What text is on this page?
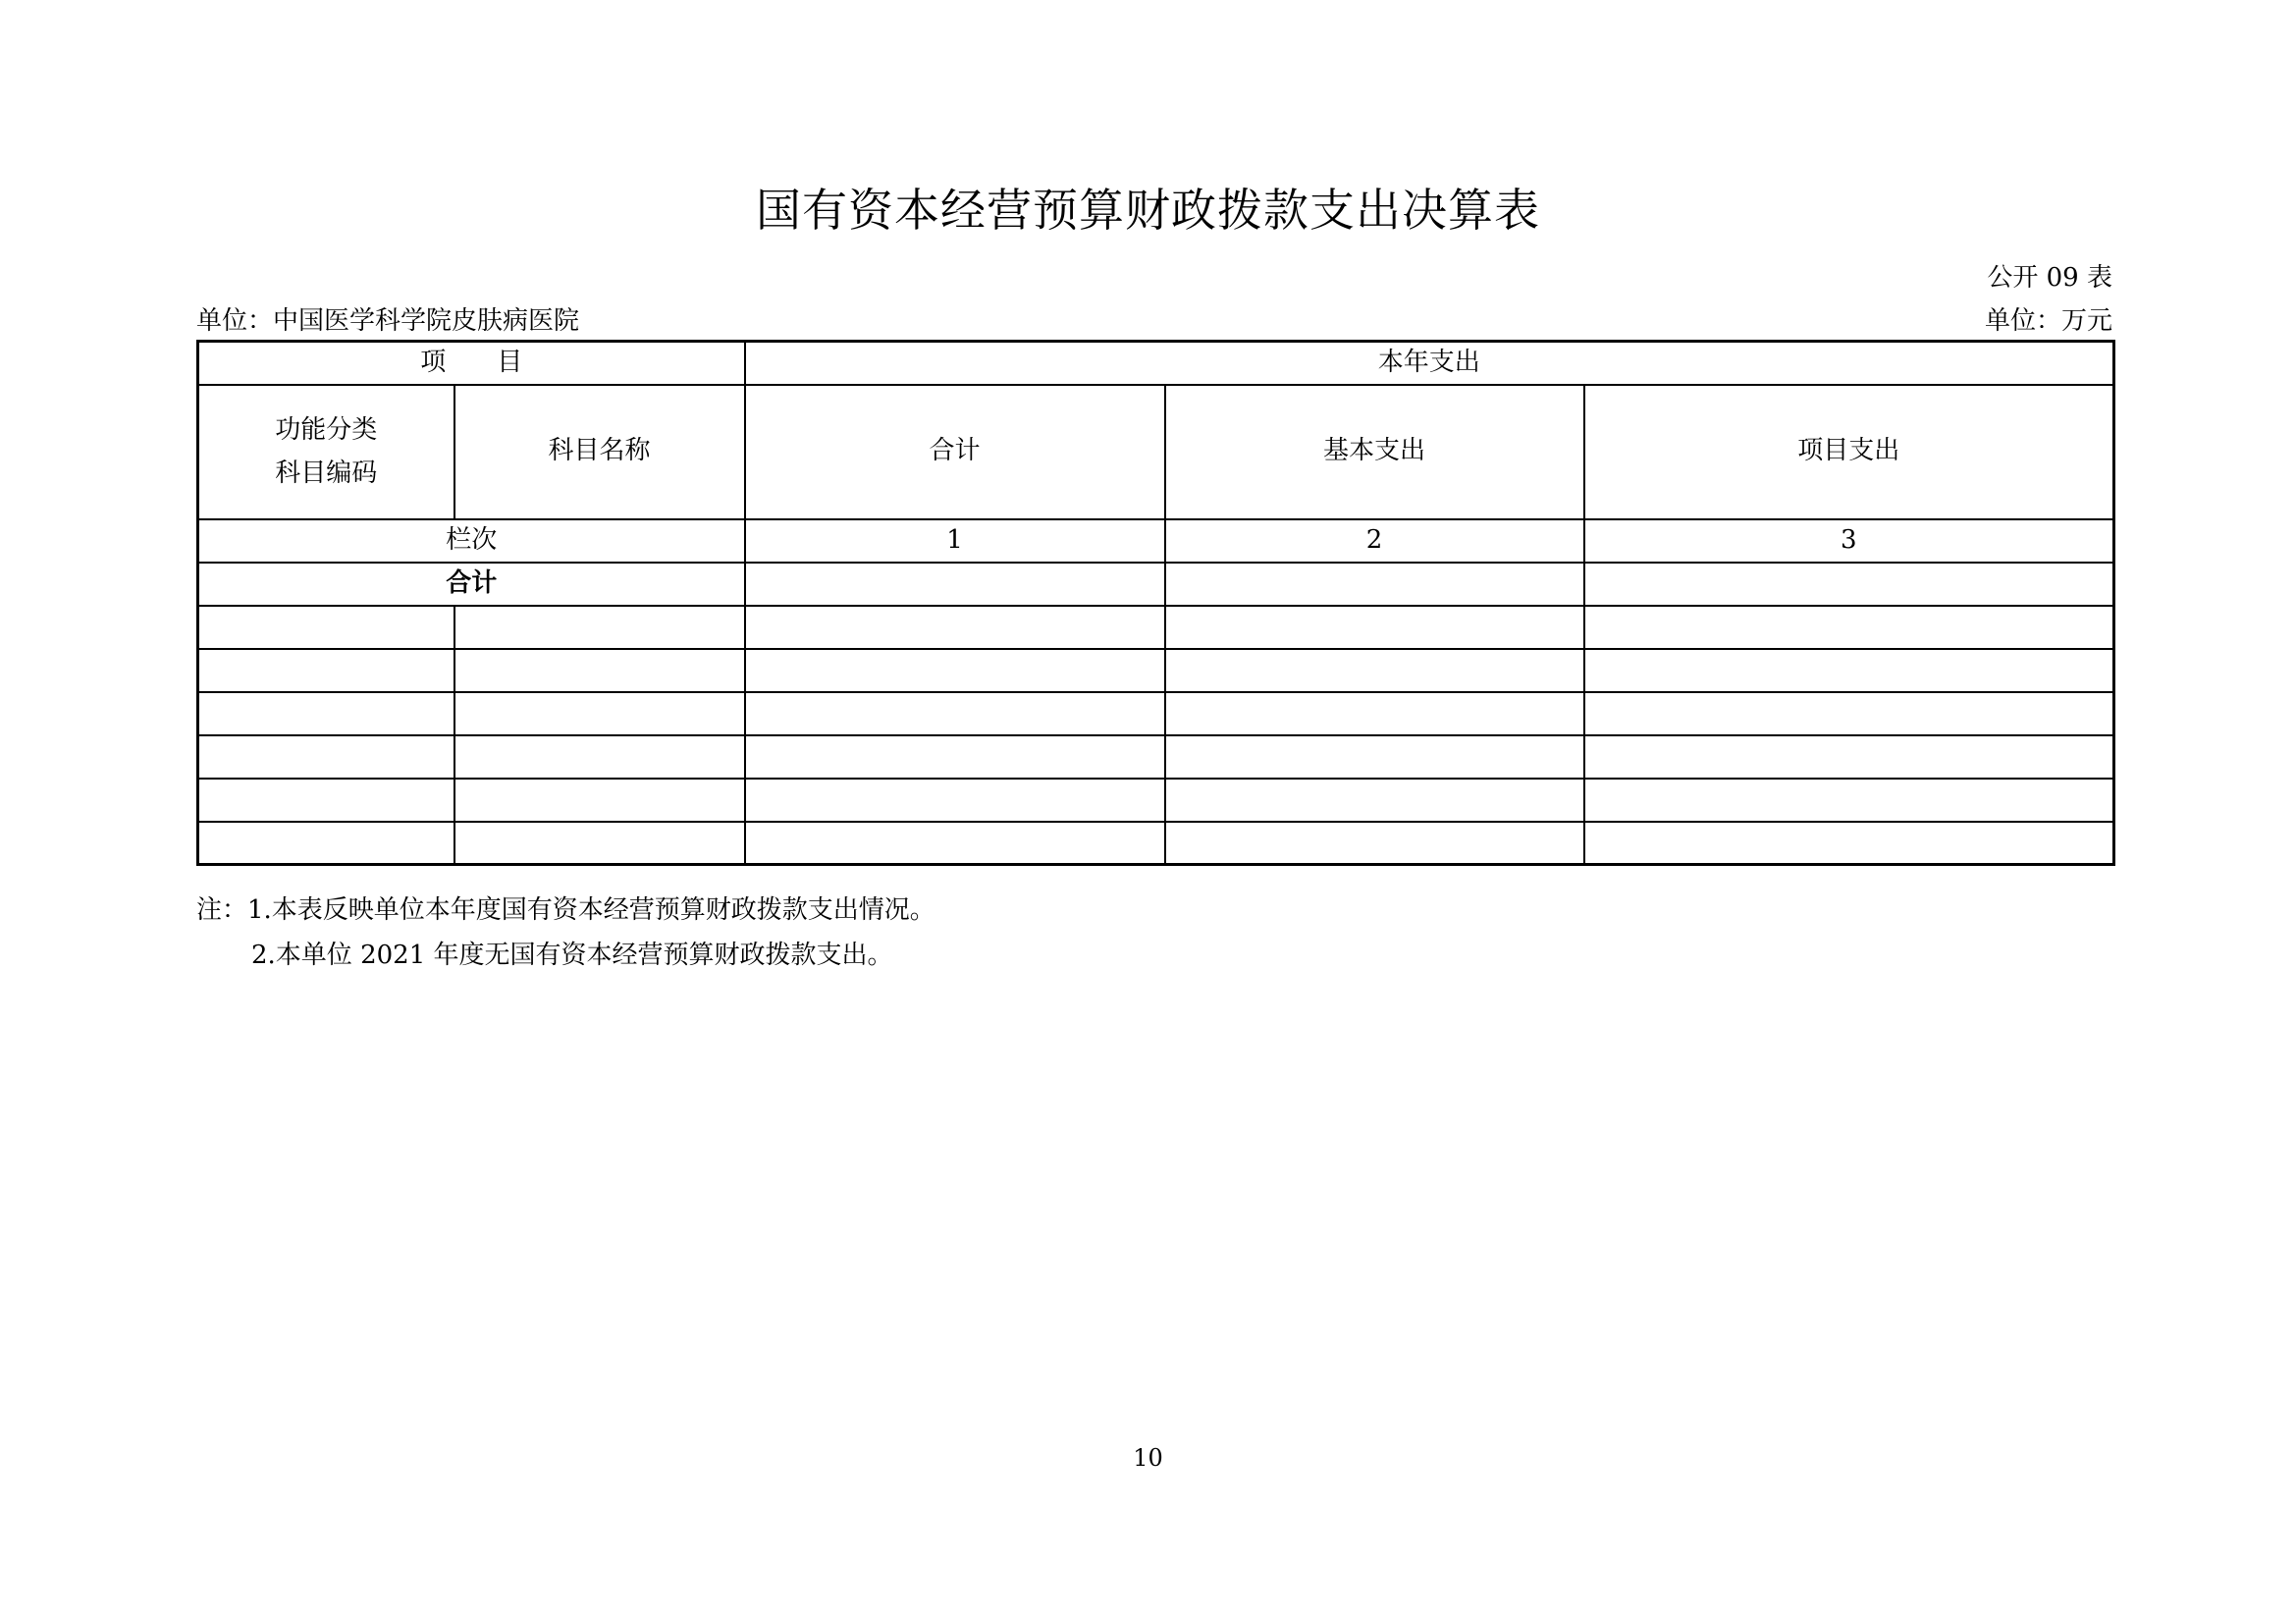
国有资本经营预算财政拨款支出决算表
公开 09 表
单位：中国医学科学院皮肤病医院	单位：万元
项　　目		本年支出		

功能分类
科目编码	科目名称	合计	基本支出	项目支出
栏次		1	2	3
合计				

注：1.本表反映单位本年度国有资本经营预算财政拨款支出情况。
2.本单位 2021 年度无国有资本经营预算财政拨款支出。
10
